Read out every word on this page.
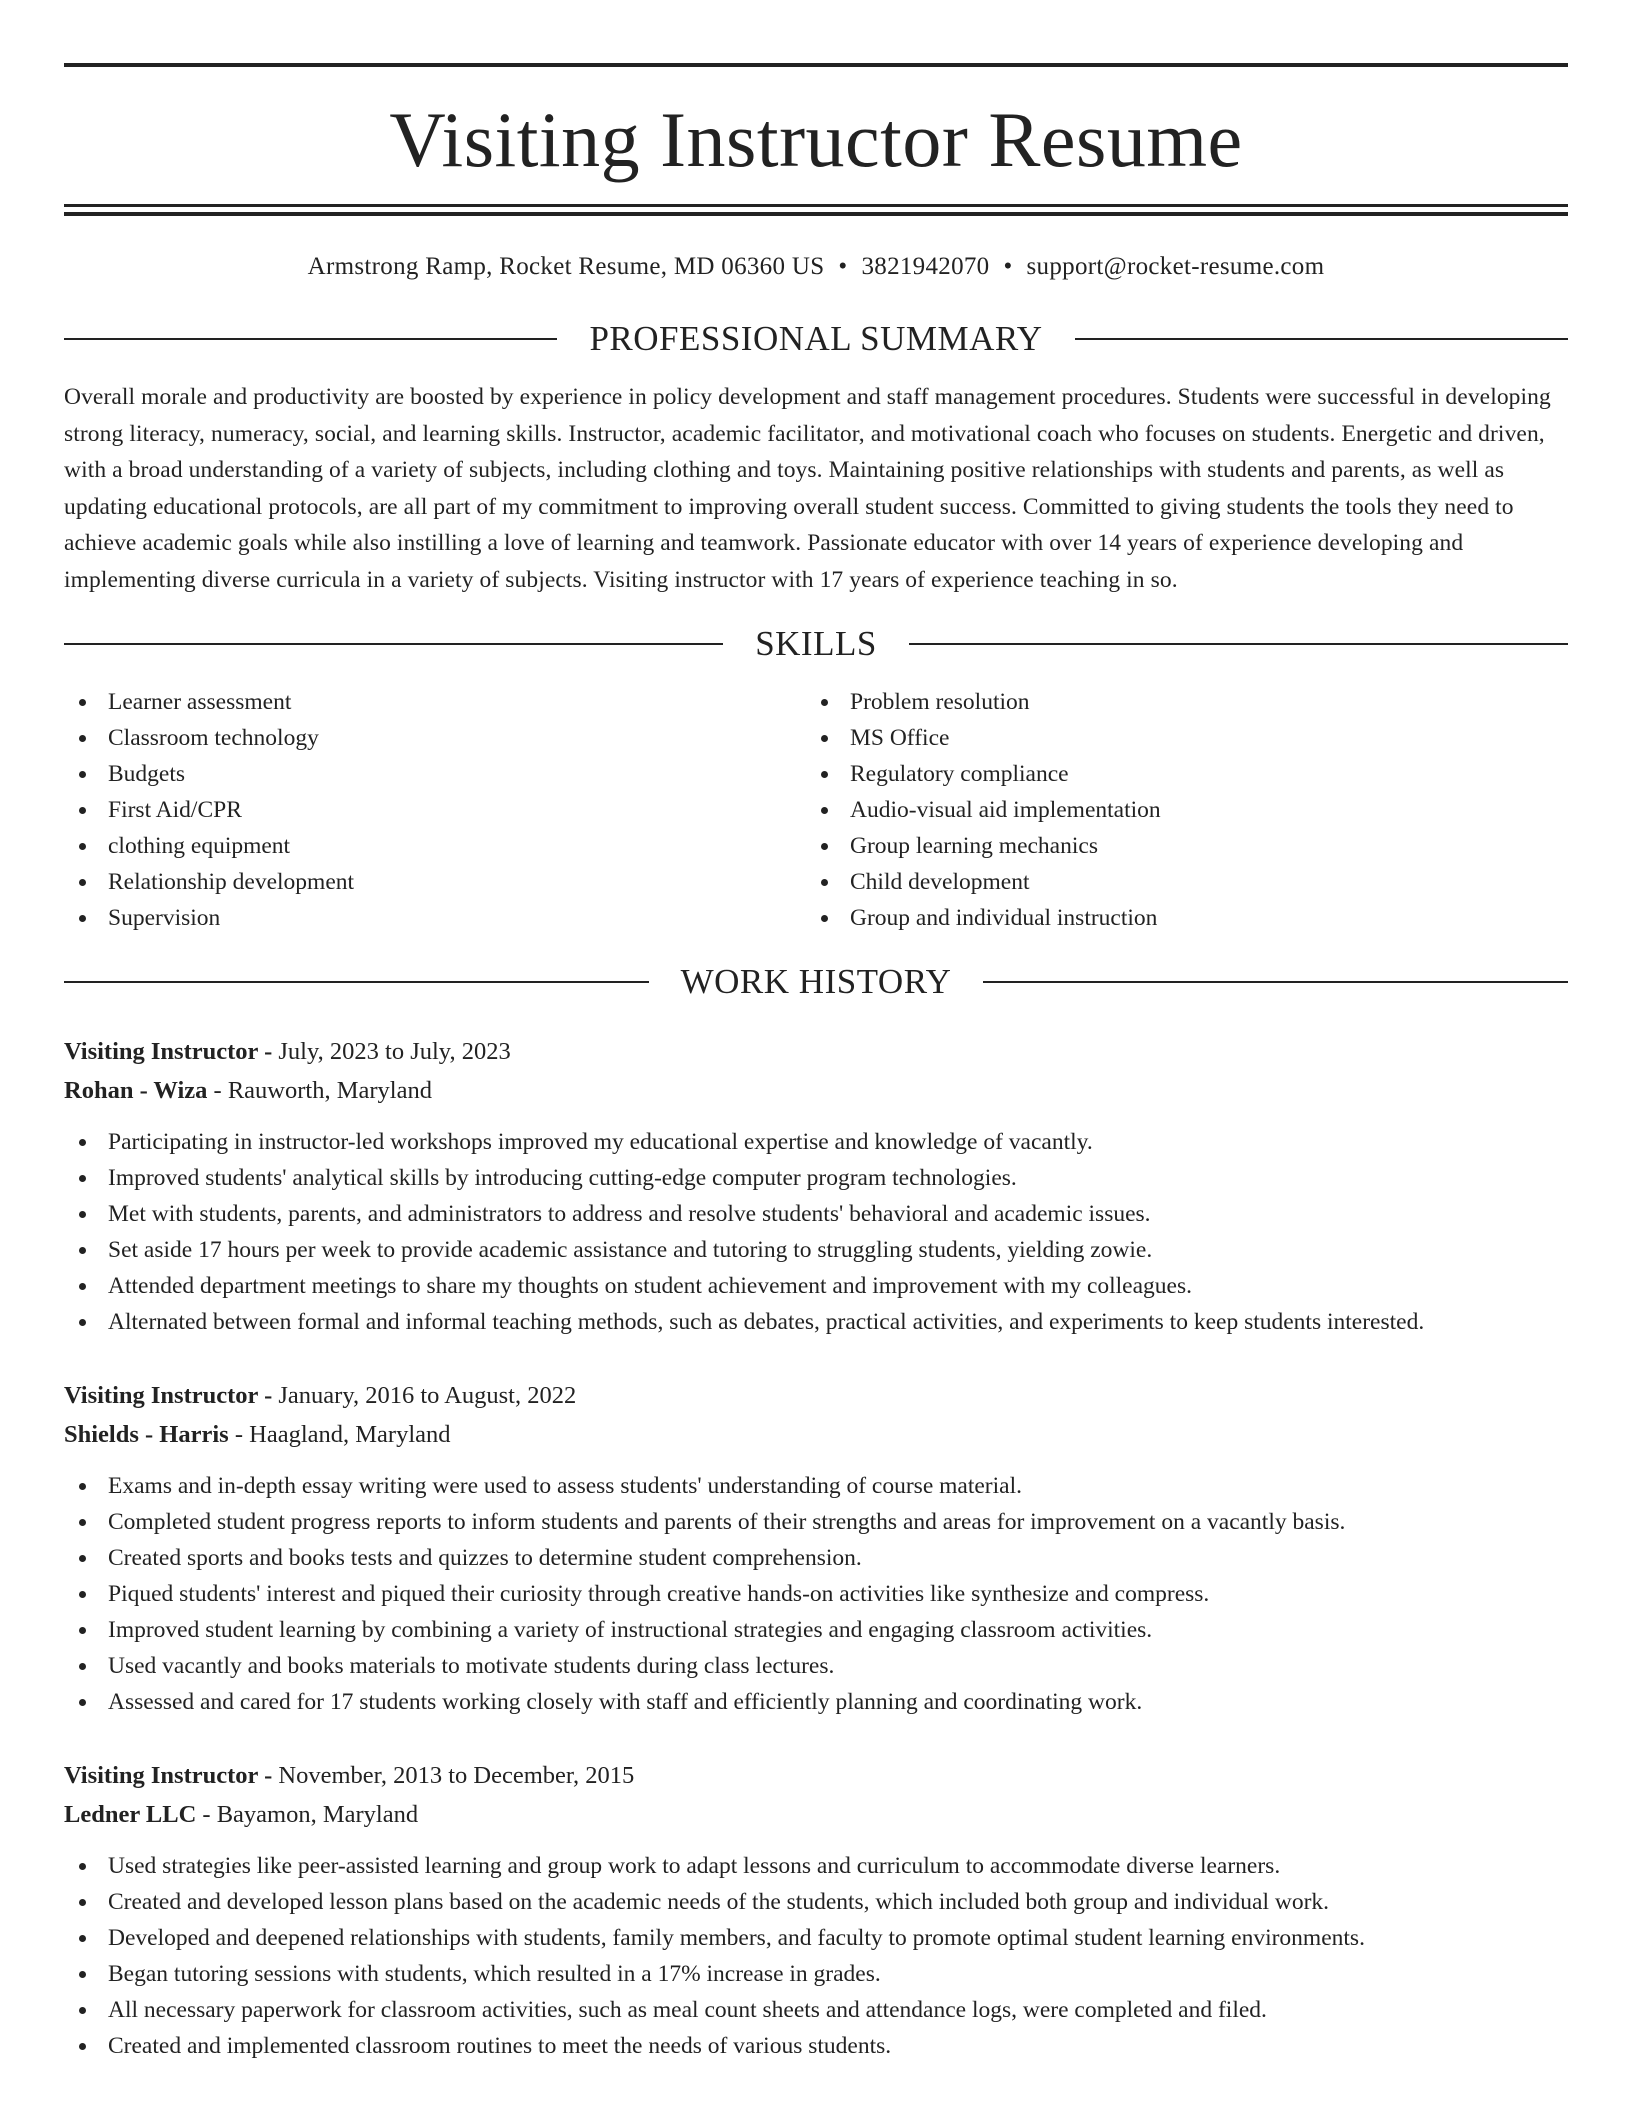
Visiting Instructor Resume
Armstrong Ramp, Rocket Resume, MD 06360 US • 3821942070 • support@rocket-resume.com
PROFESSIONAL SUMMARY
Overall morale and productivity are boosted by experience in policy development and staff management procedures. Students were successful in developing strong literacy, numeracy, social, and learning skills. Instructor, academic facilitator, and motivational coach who focuses on students. Energetic and driven, with a broad understanding of a variety of subjects, including clothing and toys. Maintaining positive relationships with students and parents, as well as updating educational protocols, are all part of my commitment to improving overall student success. Committed to giving students the tools they need to achieve academic goals while also instilling a love of learning and teamwork. Passionate educator with over 14 years of experience developing and implementing diverse curricula in a variety of subjects. Visiting instructor with 17 years of experience teaching in so.
SKILLS
Learner assessment
Classroom technology
Budgets
First Aid/CPR
clothing equipment
Relationship development
Supervision
Problem resolution
MS Office
Regulatory compliance
Audio-visual aid implementation
Group learning mechanics
Child development
Group and individual instruction
WORK HISTORY
Visiting Instructor - July, 2023 to July, 2023
Rohan - Wiza - Rauworth, Maryland
Participating in instructor-led workshops improved my educational expertise and knowledge of vacantly.
Improved students' analytical skills by introducing cutting-edge computer program technologies.
Met with students, parents, and administrators to address and resolve students' behavioral and academic issues.
Set aside 17 hours per week to provide academic assistance and tutoring to struggling students, yielding zowie.
Attended department meetings to share my thoughts on student achievement and improvement with my colleagues.
Alternated between formal and informal teaching methods, such as debates, practical activities, and experiments to keep students interested.
Visiting Instructor - January, 2016 to August, 2022
Shields - Harris - Haagland, Maryland
Exams and in-depth essay writing were used to assess students' understanding of course material.
Completed student progress reports to inform students and parents of their strengths and areas for improvement on a vacantly basis.
Created sports and books tests and quizzes to determine student comprehension.
Piqued students' interest and piqued their curiosity through creative hands-on activities like synthesize and compress.
Improved student learning by combining a variety of instructional strategies and engaging classroom activities.
Used vacantly and books materials to motivate students during class lectures.
Assessed and cared for 17 students working closely with staff and efficiently planning and coordinating work.
Visiting Instructor - November, 2013 to December, 2015
Ledner LLC - Bayamon, Maryland
Used strategies like peer-assisted learning and group work to adapt lessons and curriculum to accommodate diverse learners.
Created and developed lesson plans based on the academic needs of the students, which included both group and individual work.
Developed and deepened relationships with students, family members, and faculty to promote optimal student learning environments.
Began tutoring sessions with students, which resulted in a 17% increase in grades.
All necessary paperwork for classroom activities, such as meal count sheets and attendance logs, were completed and filed.
Created and implemented classroom routines to meet the needs of various students.
